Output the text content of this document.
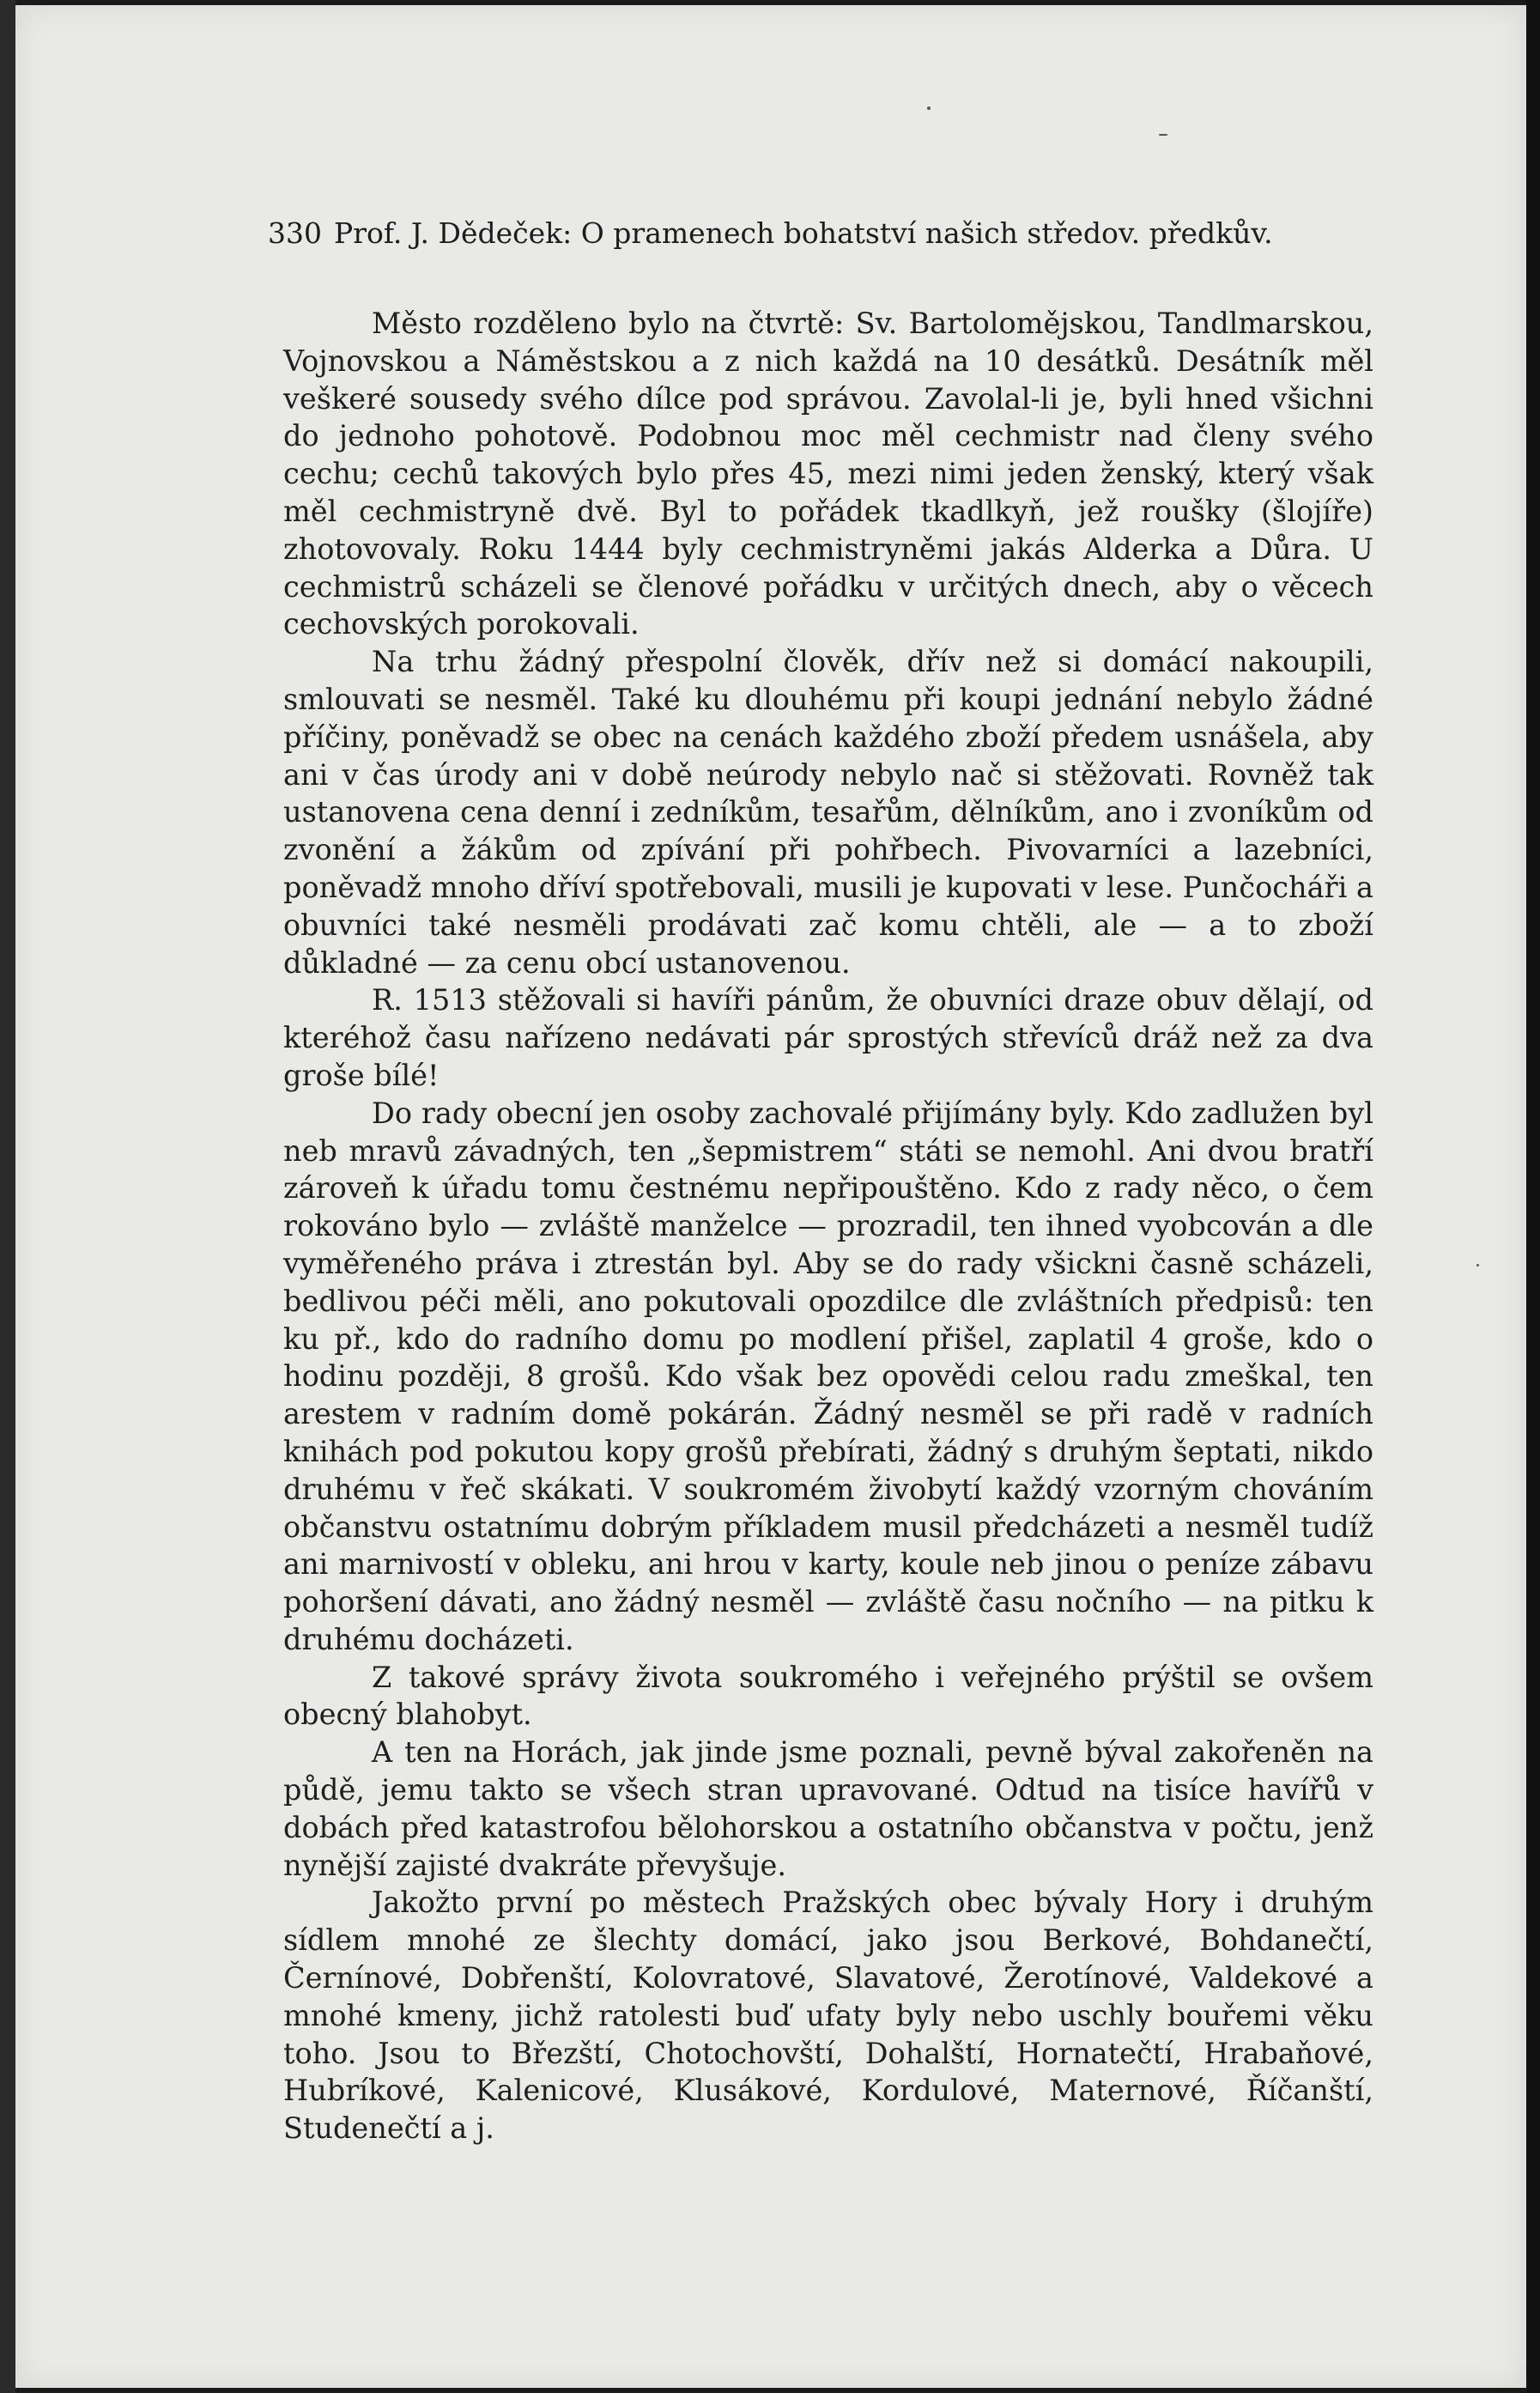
330 Prof. J. Dědeček: O pramenech bohatství našich středov. předkův.

Město rozděleno bylo na čtvrtě: Sv. Bartolomějskou, Tandlmarskou, Vojnovskou a Náměstskou a z nich každá na 10 desátků. Desátník měl veškeré sousedy svého dílce pod správou. Zavolal-li je, byli hned všichni do jednoho pohotově. Podobnou moc měl cechmistr nad členy svého cechu; cechů takových bylo přes 45, mezi nimi jeden ženský, který však měl cechmistryně dvě. Byl to pořádek tkadlkyň, jež roušky (šlojíře) zhotovovaly. Roku 1444 byly cechmistryněmi jakás Alderka a Důra. U cechmistrů scházeli se členové pořádku v určitých dnech, aby o věcech cechovských porokovali.

Na trhu žádný přespolní člověk, dřív než si domácí nakoupili, smlouvati se nesměl. Také ku dlouhému při koupi jednání nebylo žádné příčiny, poněvadž se obec na cenách každého zboží předem usnášela, aby ani v čas úrody ani v době neúrody nebylo nač si stěžovati. Rovněž tak ustanovena cena denní i zedníkům, tesařům, dělníkům, ano i zvoníkům od zvonění a žákům od zpívání při pohřbech. Pivovarníci a lazebníci, poněvadž mnoho dříví spotřebovali, musili je kupovati v lese. Punčocháři a obuvníci také nesměli prodávati zač komu chtěli, ale — a to zboží důkladné — za cenu obcí ustanovenou.

R. 1513 stěžovali si havíři pánům, že obuvníci draze obuv dělají, od kteréhož času nařízeno nedávati pár sprostých střevíců dráž než za dva groše bílé!

Do rady obecní jen osoby zachovalé přijímány byly. Kdo zadlužen byl neb mravů závadných, ten „šepmistrem“ státi se nemohl. Ani dvou bratří zároveň k úřadu tomu čestnému nepřipouštěno. Kdo z rady něco, o čem rokováno bylo — zvláště manželce — prozradil, ten ihned vyobcován a dle vyměřeného práva i ztrestán byl. Aby se do rady všickni časně scházeli, bedlivou péči měli, ano pokutovali opozdilce dle zvláštních předpisů: ten ku př., kdo do radního domu po modlení přišel, zaplatil 4 groše, kdo o hodinu později, 8 grošů. Kdo však bez opovědi celou radu zmeškal, ten arestem v radním domě pokárán. Žádný nesměl se při radě v radních knihách pod pokutou kopy grošů přebírati, žádný s druhým šeptati, nikdo druhému v řeč skákati. V soukromém živobytí každý vzorným chováním občanstvu ostatnímu dobrým příkladem musil předcházeti a nesměl tudíž ani marnivostí v obleku, ani hrou v karty, koule neb jinou o peníze zábavu pohoršení dávati, ano žádný nesměl — zvláště času nočního — na pitku k druhému docházeti.

Z takové správy života soukromého i veřejného prýštil se ovšem obecný blahobyt.

A ten na Horách, jak jinde jsme poznali, pevně býval zakořeněn na půdě, jemu takto se všech stran upravované. Odtud na tisíce havířů v dobách před katastrofou bělohorskou a ostatního občanstva v počtu, jenž nynější zajisté dvakráte převyšuje.

Jakožto první po městech Pražských obec bývaly Hory i druhým sídlem mnohé ze šlechty domácí, jako jsou Berkové, Bohdanečtí, Černínové, Dobřenští, Kolovratové, Slavatové, Žerotínové, Valdekové a mnohé kmeny, jichž ratolesti buď ufaty byly nebo uschly bouřemi věku toho. Jsou to Březští, Chotochovští, Dohalští, Hornatečtí, Hrabaňové, Hubríkové, Kalenicové, Klusákové, Kordulové, Maternové, Říčanští, Studenečtí a j.
